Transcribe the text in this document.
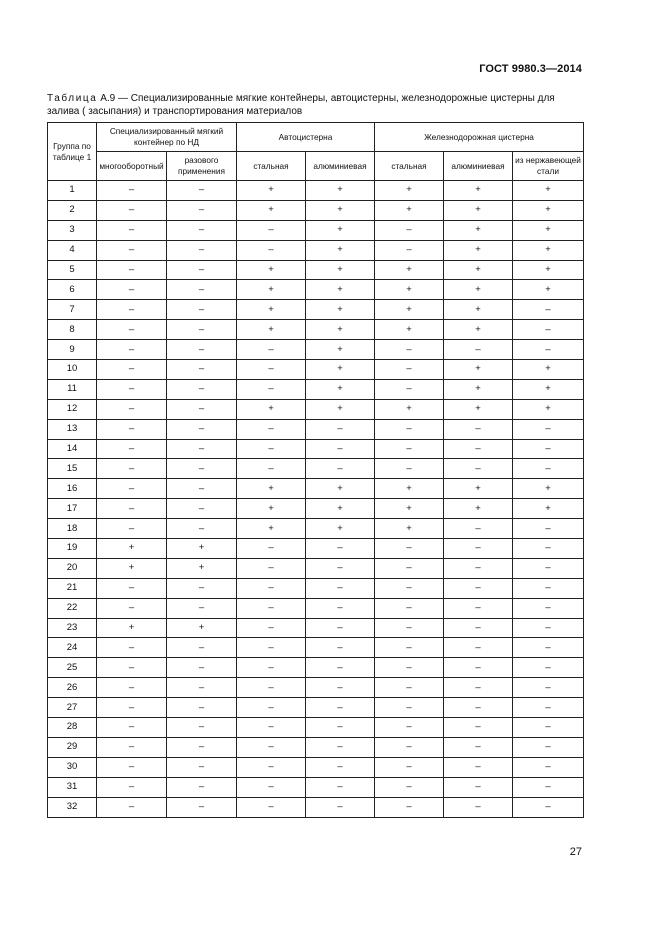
ГОСТ 9980.3—2014
Таблица А.9 — Специализированные мягкие контейнеры, автоцистерны, железнодорожные цистерны для залива ( засыпания) и транспортирования материалов
Группа по таблице 1	Специализированный мягкий контейнер по НД		Автоцистерна		Железнодорожная цистерна		
	многооборотный	разового применения	стальная	алюминиевая	стальная	алюминиевая	из нержавеющей стали
1	–	–	+	+	+	+	+
2	–	–	+	+	+	+	+
3	–	–	–	+	–	+	+
4	–	–	–	+	–	+	+
5	–	–	+	+	+	+	+
6	–	–	+	+	+	+	+
7	–	–	+	+	+	+	–
8	–	–	+	+	+	+	–
9	–	–	–	+	–	–	–
10	–	–	–	+	–	+	+
11	–	–	–	+	–	+	+
12	–	–	+	+	+	+	+
13	–	–	–	–	–	–	–
14	–	–	–	–	–	–	–
15	–	–	–	–	–	–	–
16	–	–	+	+	+	+	+
17	–	–	+	+	+	+	+
18	–	–	+	+	+	–	–
19	+	+	–	–	–	–	–
20	+	+	–	–	–	–	–
21	–	–	–	–	–	–	–
22	–	–	–	–	–	–	–
23	+	+	–	–	–	–	–
24	–	–	–	–	–	–	–
25	–	–	–	–	–	–	–
26	–	–	–	–	–	–	–
27	–	–	–	–	–	–	–
28	–	–	–	–	–	–	–
29	–	–	–	–	–	–	–
30	–	–	–	–	–	–	–
31	–	–	–	–	–	–	–
32	–	–	–	–	–	–	–
27
